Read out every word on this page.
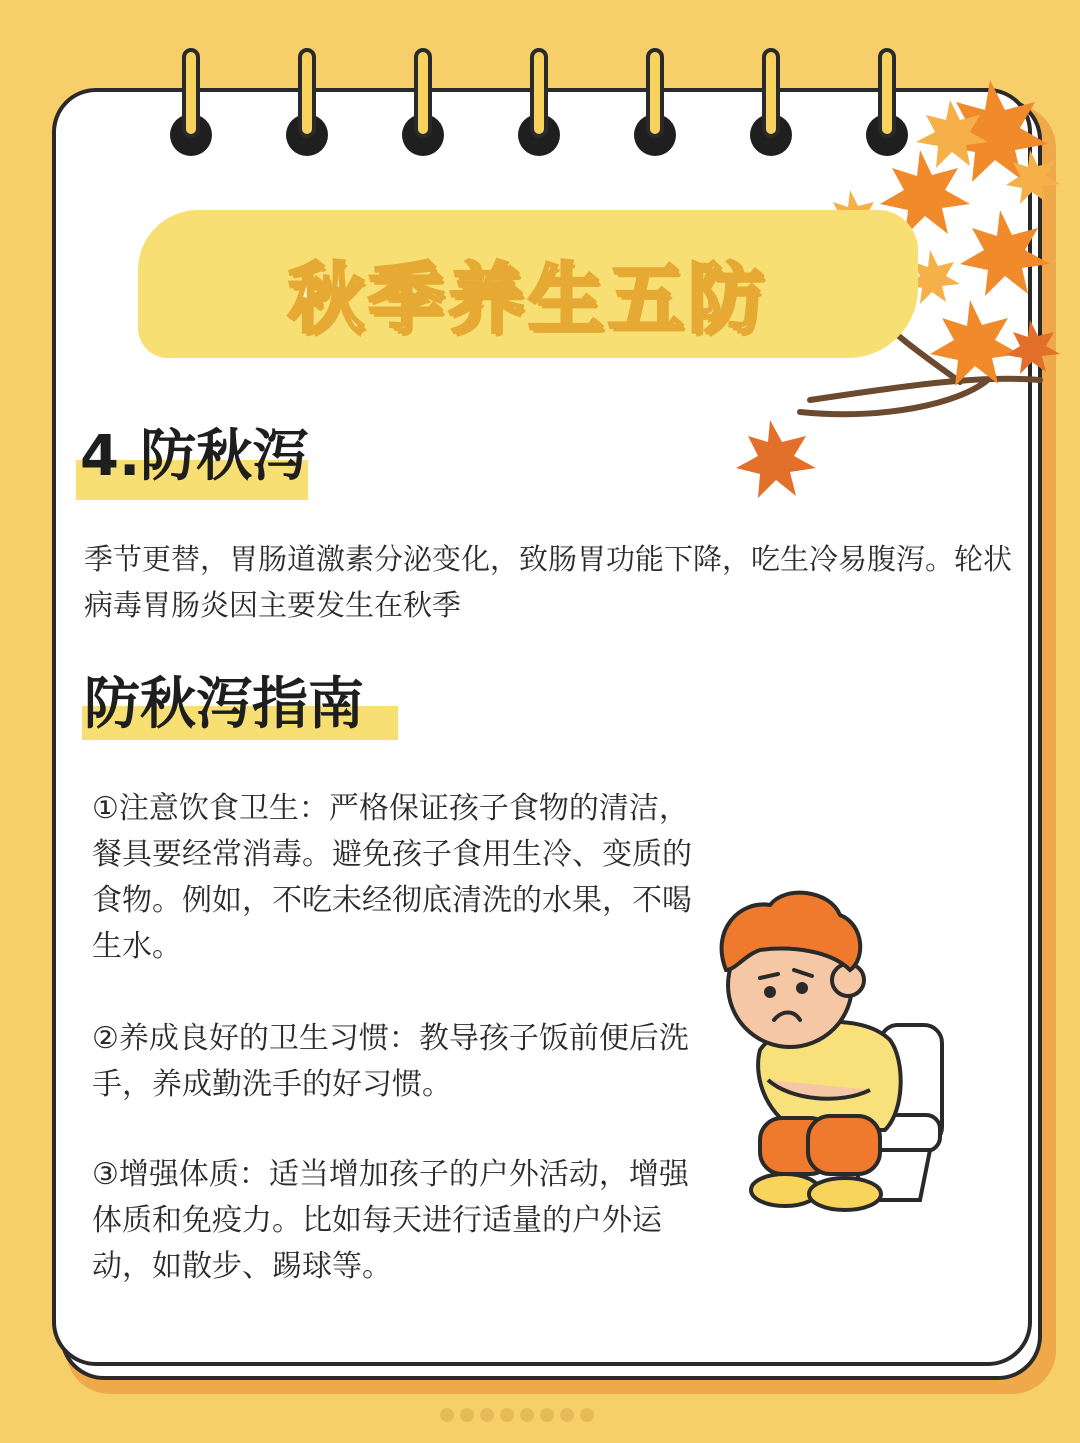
秋季养生五防
4.防秋泻
季节更替，胃肠道激素分泌变化，致肠胃功能下降，吃生冷易腹泻。轮状病毒胃肠炎因主要发生在秋季
防秋泻指南
①注意饮食卫生：严格保证孩子食物的清洁，餐具要经常消毒。避免孩子食用生冷、变质的食物。例如，不吃未经彻底清洗的水果，不喝生水。
②养成良好的卫生习惯：教导孩子饭前便后洗手，养成勤洗手的好习惯。
③增强体质：适当增加孩子的户外活动，增强体质和免疫力。比如每天进行适量的户外运动，如散步、踢球等。
